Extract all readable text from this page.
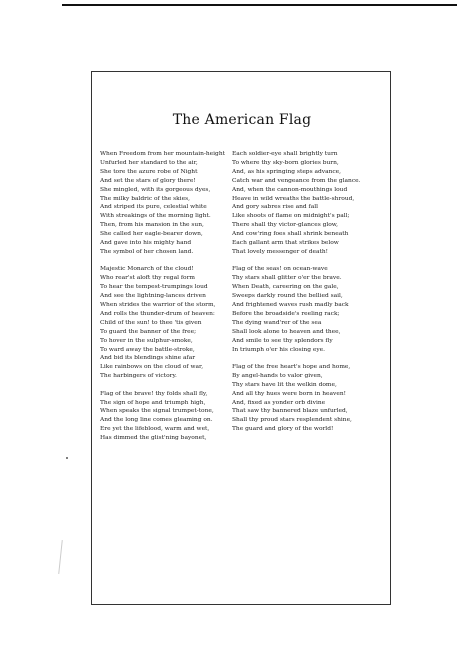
The American Flag
When Freedom from her mountain-height
Unfurled her standard to the air,
She tore the azure robe of Night
And set the stars of glory there!
She mingled, with its gorgeous dyes,
The milky baldric of the skies,
And striped its pure, celestial white
With streakings of the morning light.
Then, from his mansion in the sun,
She called her eagle-bearer down,
And gave into his mighty hand
The symbol of her chosen land.
Majestic Monarch of the cloud!
Who rear'st aloft thy regal form
To hear the tempest-trumpings loud
And see the lightning-lances driven
When strides the warrior of the storm,
And rolls the thunder-drum of heaven:
Child of the sun! to thee 'tis given
To guard the banner of the free;
To hover in the sulphur-smoke,
To ward away the battle-stroke,
And bid its blendings shine afar
Like rainbows on the cloud of war,
The harbingers of victory.
Flag of the brave! thy folds shall fly,
The sign of hope and triumph high,
When speaks the signal trumpet-tone,
And the long line comes gleaming on.
Ere yet the lifeblood, warm and wet,
Has dimmed the glist'ning bayonet,
Each soldier-eye shall brightly turn
To where thy sky-born glories burn,
And, as his springing steps advance,
Catch war and vengeance from the glance.
And, when the cannon-mouthings loud
Heave in wild wreaths the battle-shroud,
And gory sabres rise and fall
Like shoots of flame on midnight's pall;
There shall thy victor-glances glow,
And cow'ring foes shall shrink beneath
Each gallant arm that strikes below
That lovely messenger of death!
Flag of the seas! on ocean-wave
Thy stars shall glitter o'er the brave.
When Death, careering on the gale,
Sweeps darkly round the bellied sail,
And frightened waves rush madly back
Before the broadside's reeling rack;
The dying wand'rer of the sea
Shall look alone to heaven and thee,
And smile to see thy splendors fly
In triumph o'er his closing eye.
Flag of the free heart's hope and home,
By angel-hands to valor given,
Thy stars have lit the welkin dome,
And all thy hues were born in heaven!
And, fixed as yonder orb divine
That saw thy bannered blaze unfurled,
Shall thy proud stars resplendent shine,
The guard and glory of the world!
